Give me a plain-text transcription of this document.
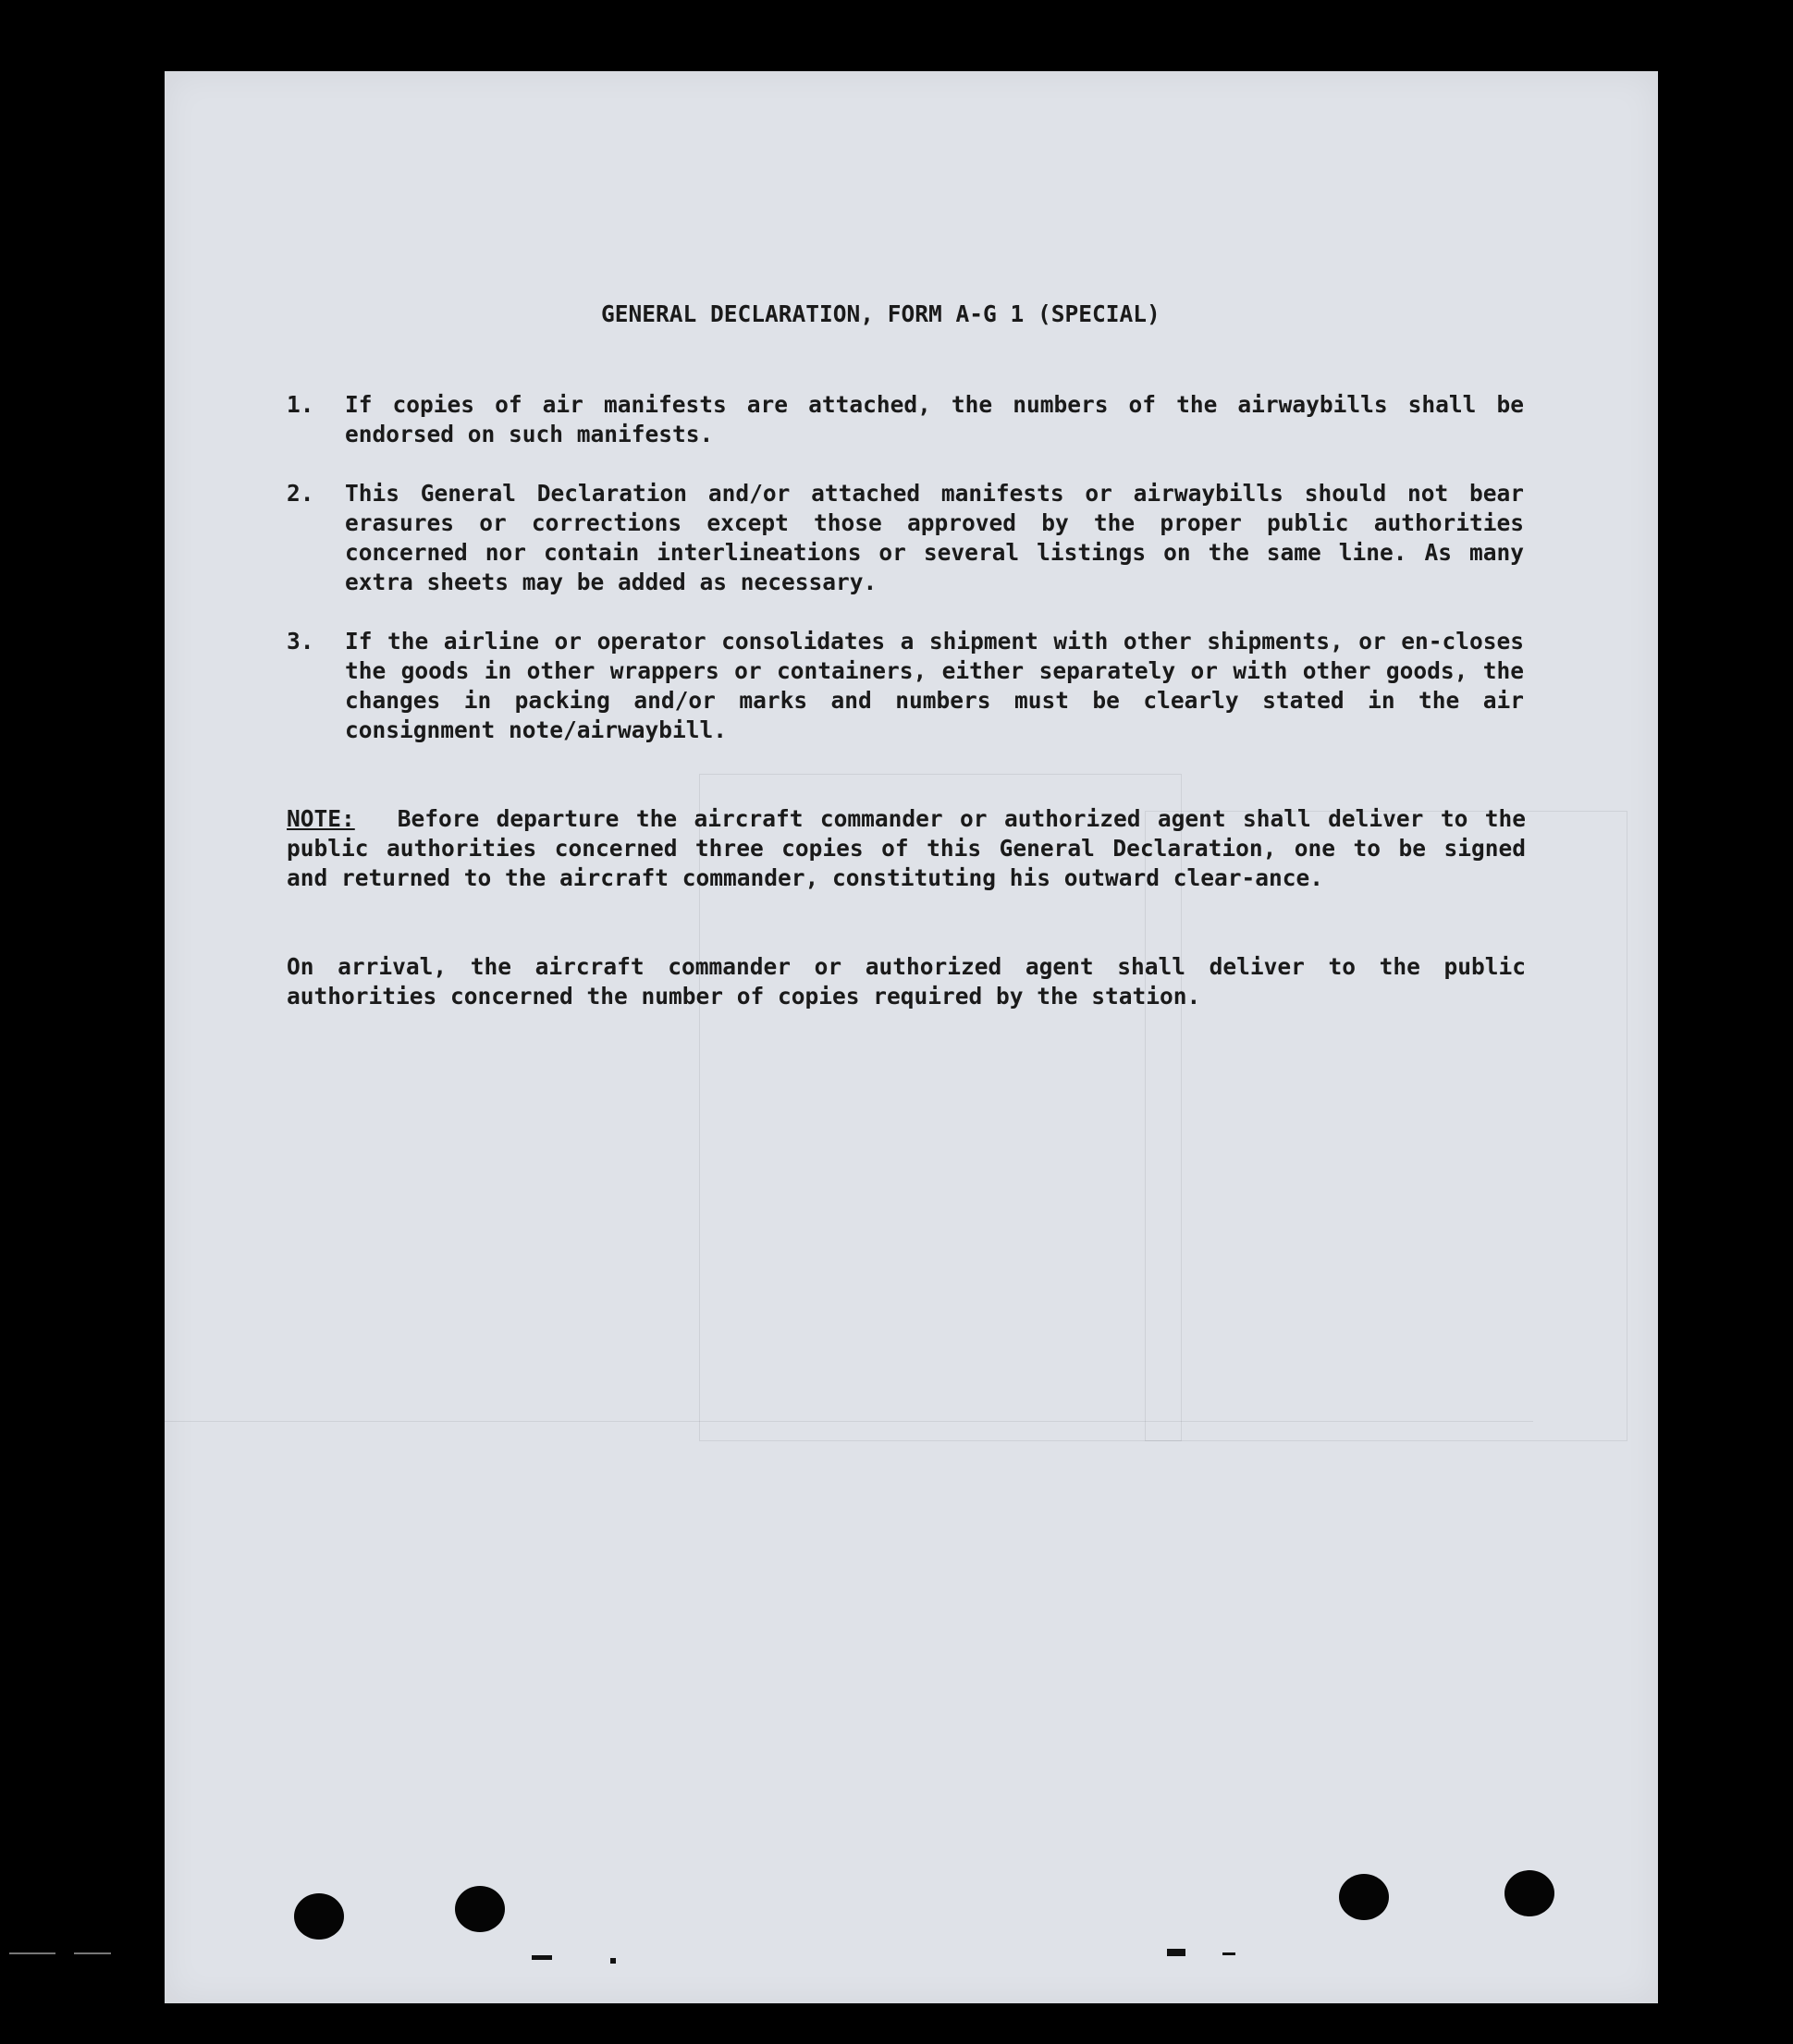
GENERAL DECLARATION, FORM A-G 1 (SPECIAL)
1. If copies of air manifests are attached, the numbers of the airwaybills shall be endorsed on such manifests.
2. This General Declaration and/or attached manifests or airwaybills should not bear erasures or corrections except those approved by the proper public authorities concerned nor contain interlineations or several listings on the same line. As many extra sheets may be added as necessary.
3. If the airline or operator consolidates a shipment with other shipments, or en-closes the goods in other wrappers or containers, either separately or with other goods, the changes in packing and/or marks and numbers must be clearly stated in the air consignment note/airwaybill.
NOTE: Before departure the aircraft commander or authorized agent shall deliver to the public authorities concerned three copies of this General Declaration, one to be signed and returned to the aircraft commander, constituting his outward clear-ance.
On arrival, the aircraft commander or authorized agent shall deliver to the public authorities concerned the number of copies required by the station.
